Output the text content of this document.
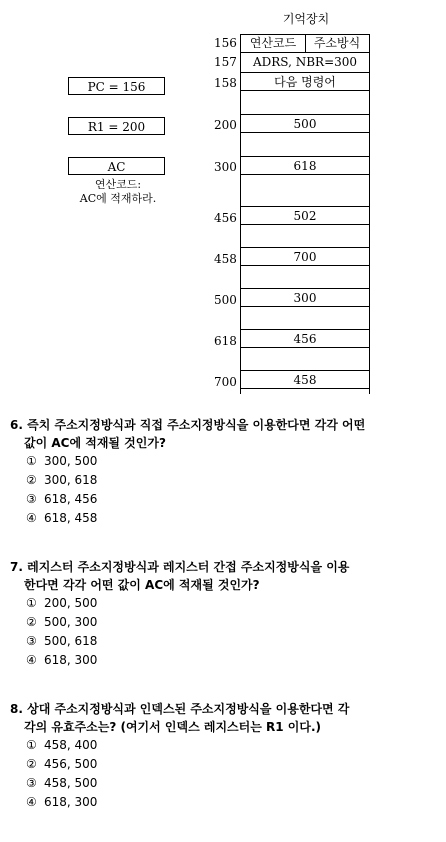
기억장치
156
157
158
200
300
456
458
500
618
700
연산코드	주소방식
ADRS, NBR=300
다음 명령어
500
618
502
700
300
456
458
PC = 156
R1 = 200
AC
연산코드:
AC에 적재하라.
6. 즉치 주소지정방식과 직접 주소지정방식을 이용한다면 각각 어떤
값이 AC에 적재될 것인가?
① 300, 500
② 300, 618
③ 618, 456
④ 618, 458
7. 레지스터 주소지정방식과 레지스터 간접 주소지정방식을 이용
한다면 각각 어떤 값이 AC에 적재될 것인가?
① 200, 500
② 500, 300
③ 500, 618
④ 618, 300
8. 상대 주소지정방식과 인덱스된 주소지정방식을 이용한다면 각
각의 유효주소는? (여기서 인덱스 레지스터는 R1 이다.)
① 458, 400
② 456, 500
③ 458, 500
④ 618, 300
